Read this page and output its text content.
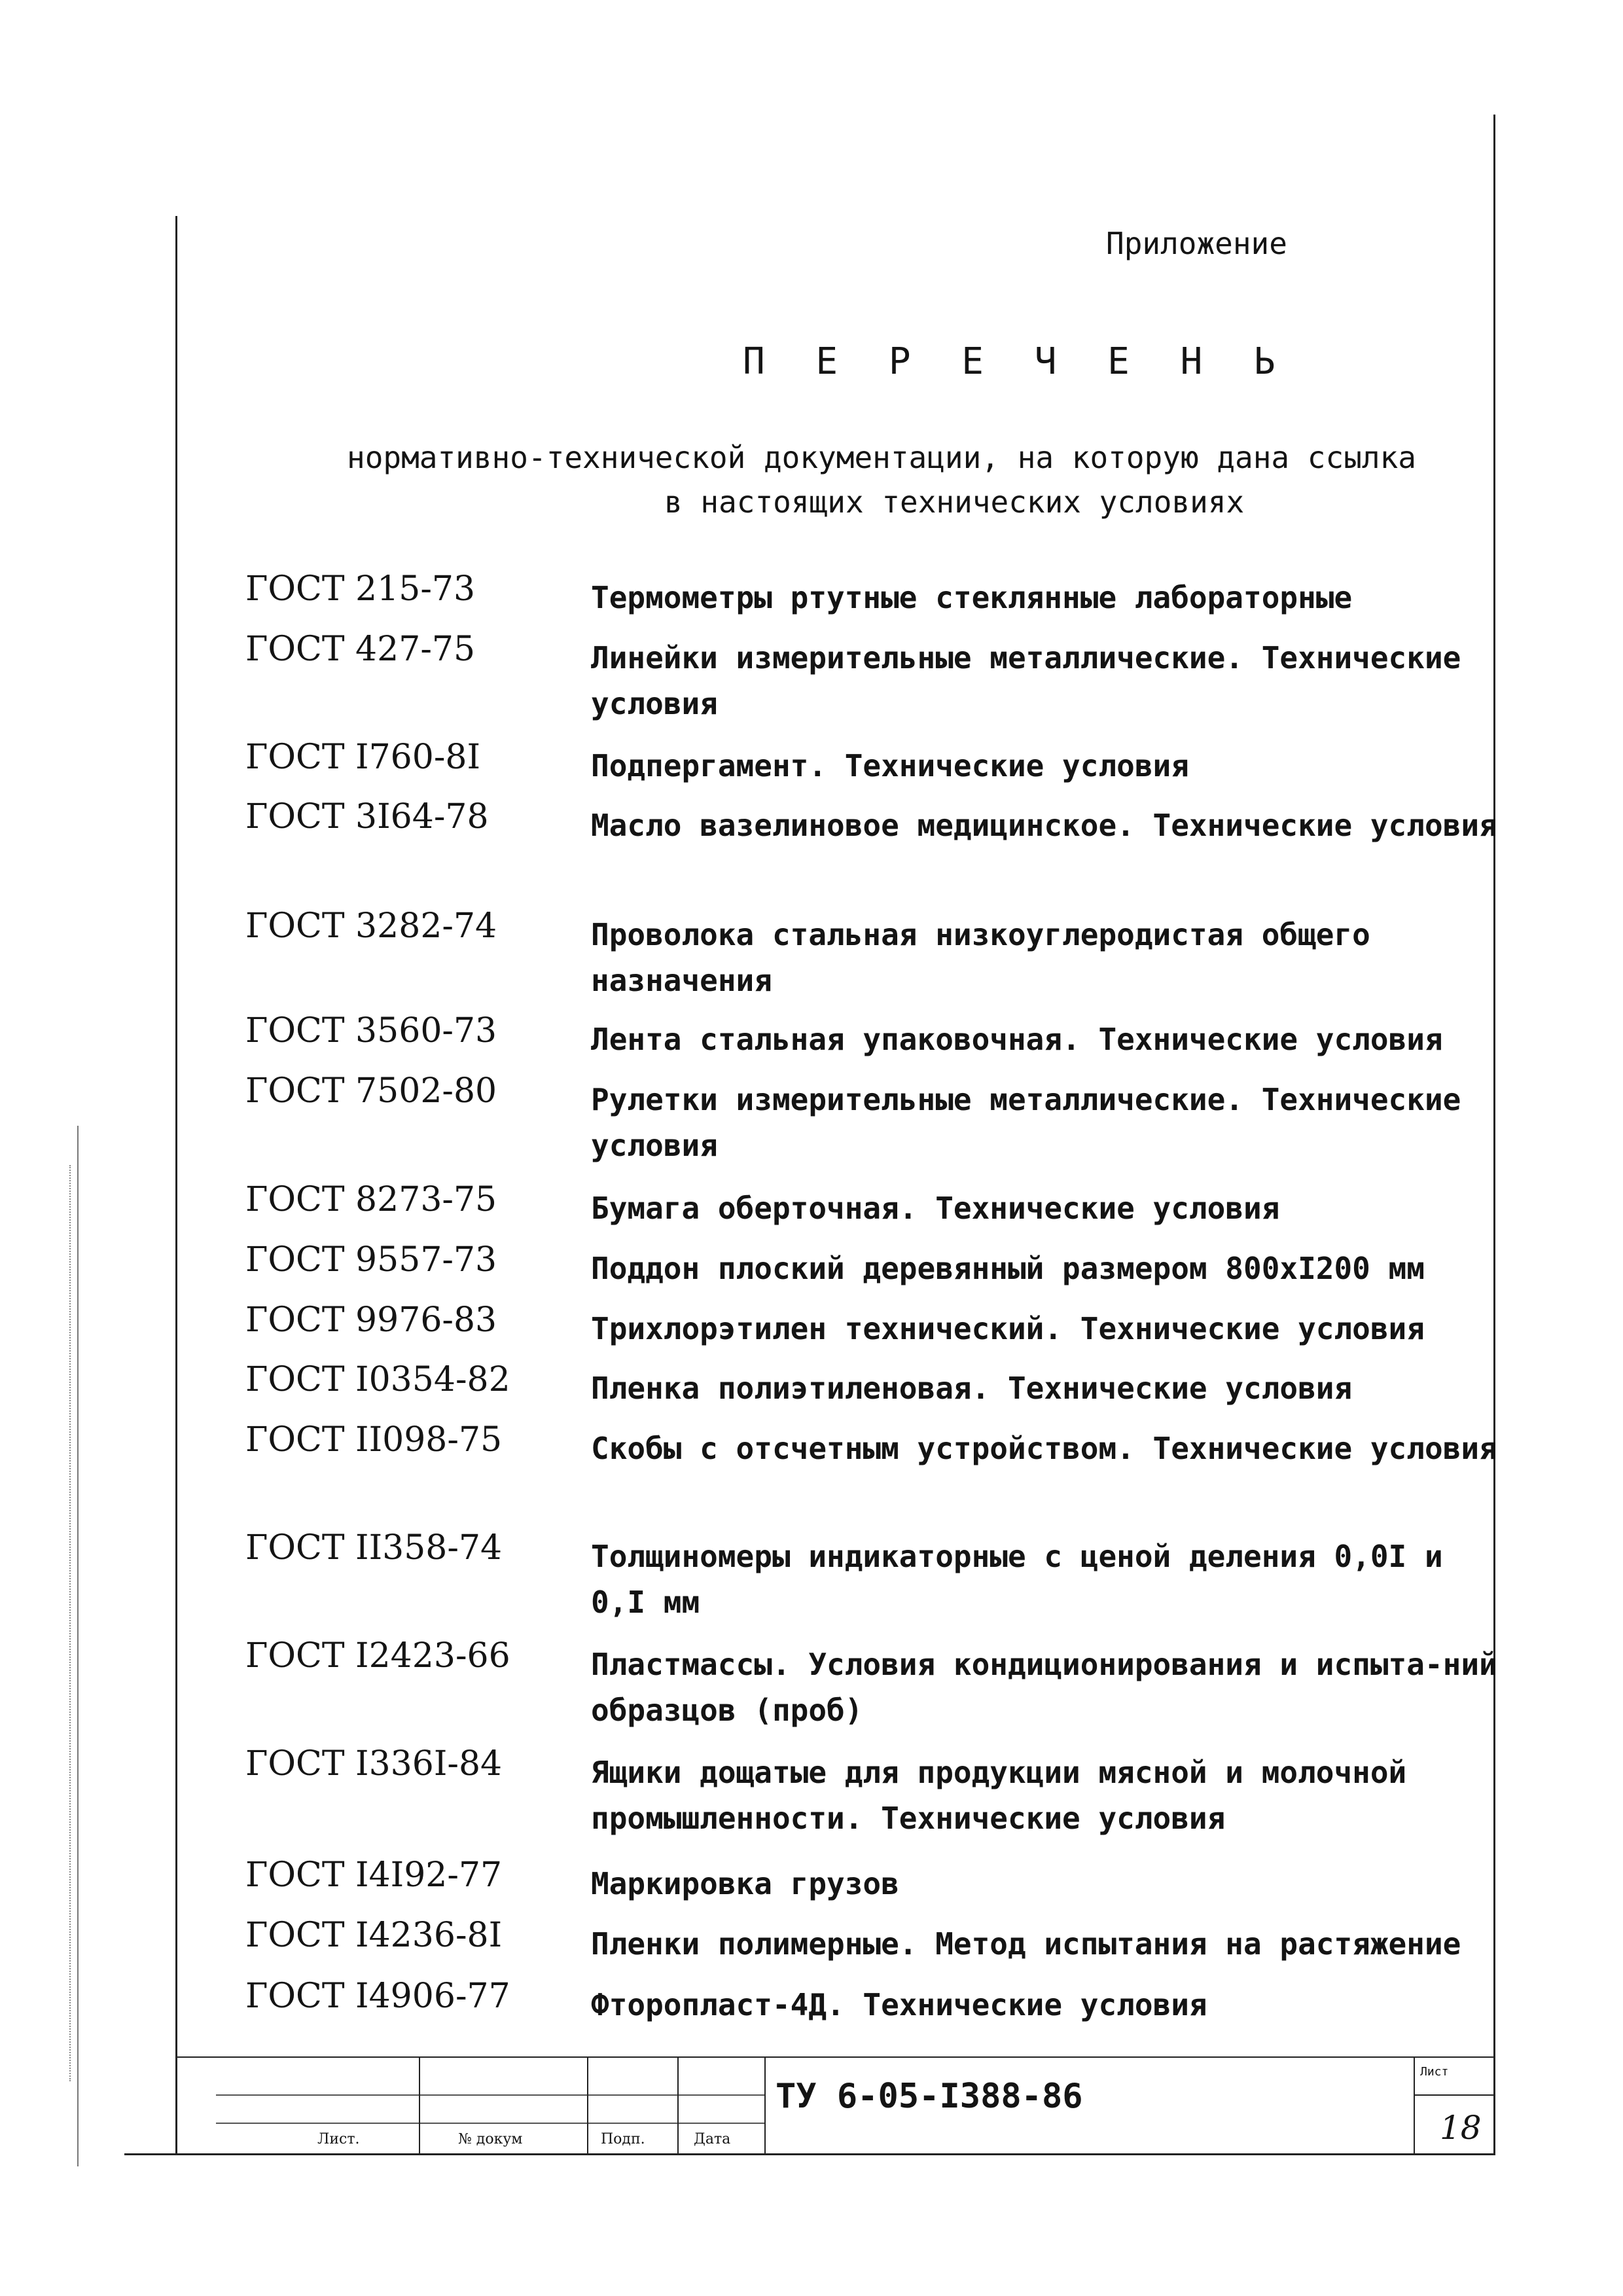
Приложение
П Е Р Е Ч Е Н Ь
нормативно-технической документации, на которую дана ссылка
в настоящих технических условиях
ГОСТ 215-73	Термометры ртутные стеклянные лабораторные
ГОСТ 427-75	Линейки измерительные металлические. Технические условия
ГОСТ I760-8I	Подпергамент. Технические условия
ГОСТ 3I64-78	Масло вазелиновое медицинское. Технические условия
ГОСТ 3282-74	Проволока стальная низкоуглеродистая общего назначения
ГОСТ 3560-73	Лента стальная упаковочная. Технические условия
ГОСТ 7502-80	Рулетки измерительные металлические. Технические условия
ГОСТ 8273-75	Бумага оберточная. Технические условия
ГОСТ 9557-73	Поддон плоский деревянный размером 800хI200 мм
ГОСТ 9976-83	Трихлорэтилен технический. Технические условия
ГОСТ I0354-82	Пленка полиэтиленовая. Технические условия
ГОСТ II098-75	Скобы с отсчетным устройством. Технические условия
ГОСТ II358-74	Толщиномеры индикаторные с ценой деления 0,0I и 0,I мм
ГОСТ I2423-66	Пластмассы. Условия кондиционирования и испыта-ний образцов (проб)
ГОСТ I336I-84	Ящики дощатые для продукции мясной и молочной промышленности. Технические условия
ГОСТ I4I92-77	Маркировка грузов
ГОСТ I4236-8I	Пленки полимерные. Метод испытания на растяжение
ГОСТ I4906-77	Фторопласт-4Д. Технические условия
Лист.	№ докум	Подп.	Дата
ТУ 6-05-I388-86
Лист
18
